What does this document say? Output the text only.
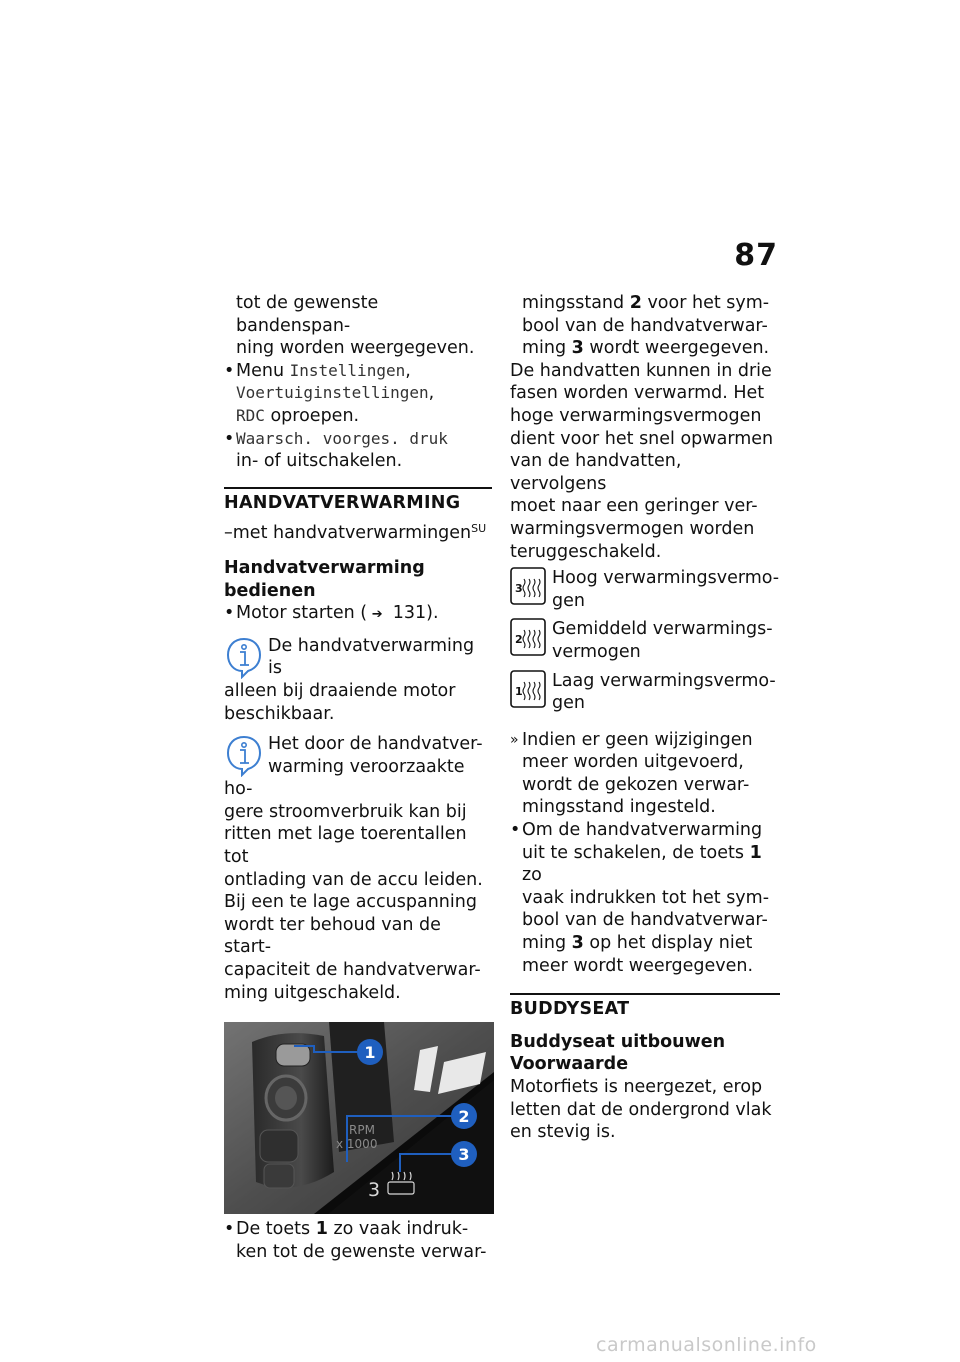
87

tot de gewenste bandenspan-

ning worden weergegeven.

• Menu Instellingen,
Voertuiginstellingen,
RDC oproepen.
• Waarsch. voorges. druk
in- of uitschakelen.
HANDVATVERWARMING

–met handvatverwarmingen$^{SU}$

Handvatverwarming bedienen

• Motor starten ( ➔ 131).

De handvatverwarming is

alleen bij draaiende motor

beschikbaar.

Het door de handvatver-

warming veroorzaakte ho-

gere stroomverbruik kan bij

ritten met lage toerentallen tot

ontlading van de accu leiden.

Bij een te lage accuspanning

wordt ter behoud van de start-

capaciteit de handvatverwar-

ming uitgeschakeld.

RPM
x 1000
3
1
2
3
• De toets 1 zo vaak indruk-
ken tot de gewenste verwar-

mingsstand 2 voor het sym-

bool van de handvatverwar-

ming 3 wordt weergegeven.

De handvatten kunnen in drie

fasen worden verwarmd. Het

hoge verwarmingsvermogen

dient voor het snel opwarmen

van de handvatten, vervolgens

moet naar een geringer ver-

warmingsvermogen worden

teruggeschakeld.

3

Hoog verwarmingsvermo-

gen

2

Gemiddeld verwarmings-

vermogen

1

Laag verwarmingsvermo-

gen

» Indien er geen wijzigingen

meer worden uitgevoerd,

wordt de gekozen verwar-

mingsstand ingesteld.

• Om de handvatverwarming

uit te schakelen, de toets 1 zo

vaak indrukken tot het sym-

bool van de handvatverwar-

ming 3 op het display niet

meer wordt weergegeven.

BUDDYSEAT

Buddyseat uitbouwen

Voorwaarde

Motorfiets is neergezet, erop

letten dat de ondergrond vlak

en stevig is.

carmanualsonline.info
